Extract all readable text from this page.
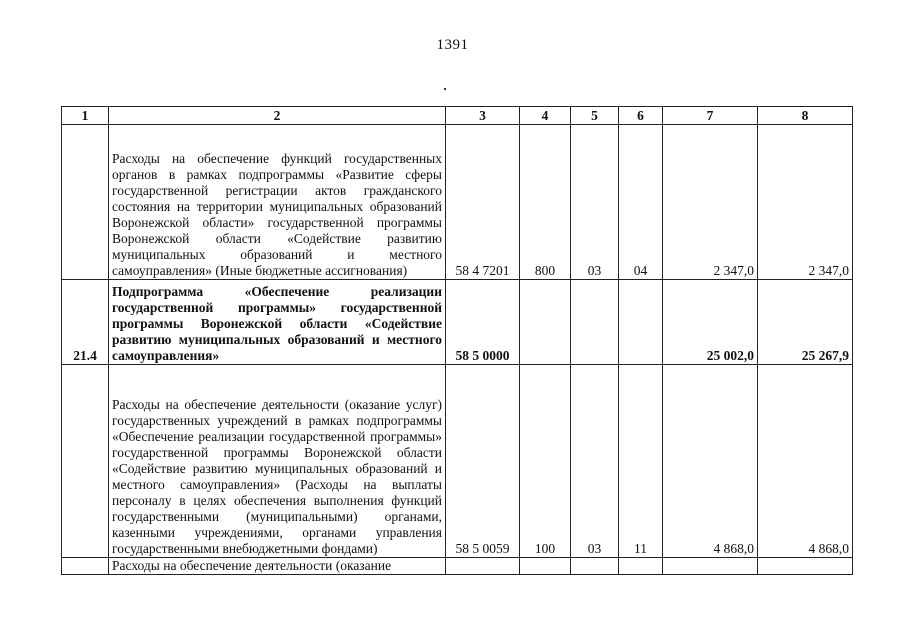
1391
1	2	3	4	5	6	7	8
	Расходы на обеспечение функций государственных органов в рамках подпрограммы «Развитие сферы государственной регистрации актов гражданского состояния на территории муниципальных образований Воронежской области» государственной программы Воронежской области «Содействие развитию муниципальных образований и местного самоуправления» (Иные бюджетные ассигнования)	58 4 7201	800	03	04	2 347,0	2 347,0
21.4	Подпрограмма «Обеспечение реализации государственной программы» государственной программы Воронежской области «Содействие развитию муниципальных образований и местного самоуправления»	58 5 0000				25 002,0	25 267,9
	Расходы на обеспечение деятельности (оказание услуг) государственных учреждений в рамках подпрограммы «Обеспечение реализации государственной программы» государственной программы Воронежской области «Содействие развитию муниципальных образований и местного самоуправления» (Расходы на выплаты персоналу в целях обеспечения выполнения функций государственными (муниципальными) органами, казенными учреждениями, органами управления государственными внебюджетными фондами)	58 5 0059	100	03	11	4 868,0	4 868,0
	Расходы на обеспечение деятельности (оказание						
